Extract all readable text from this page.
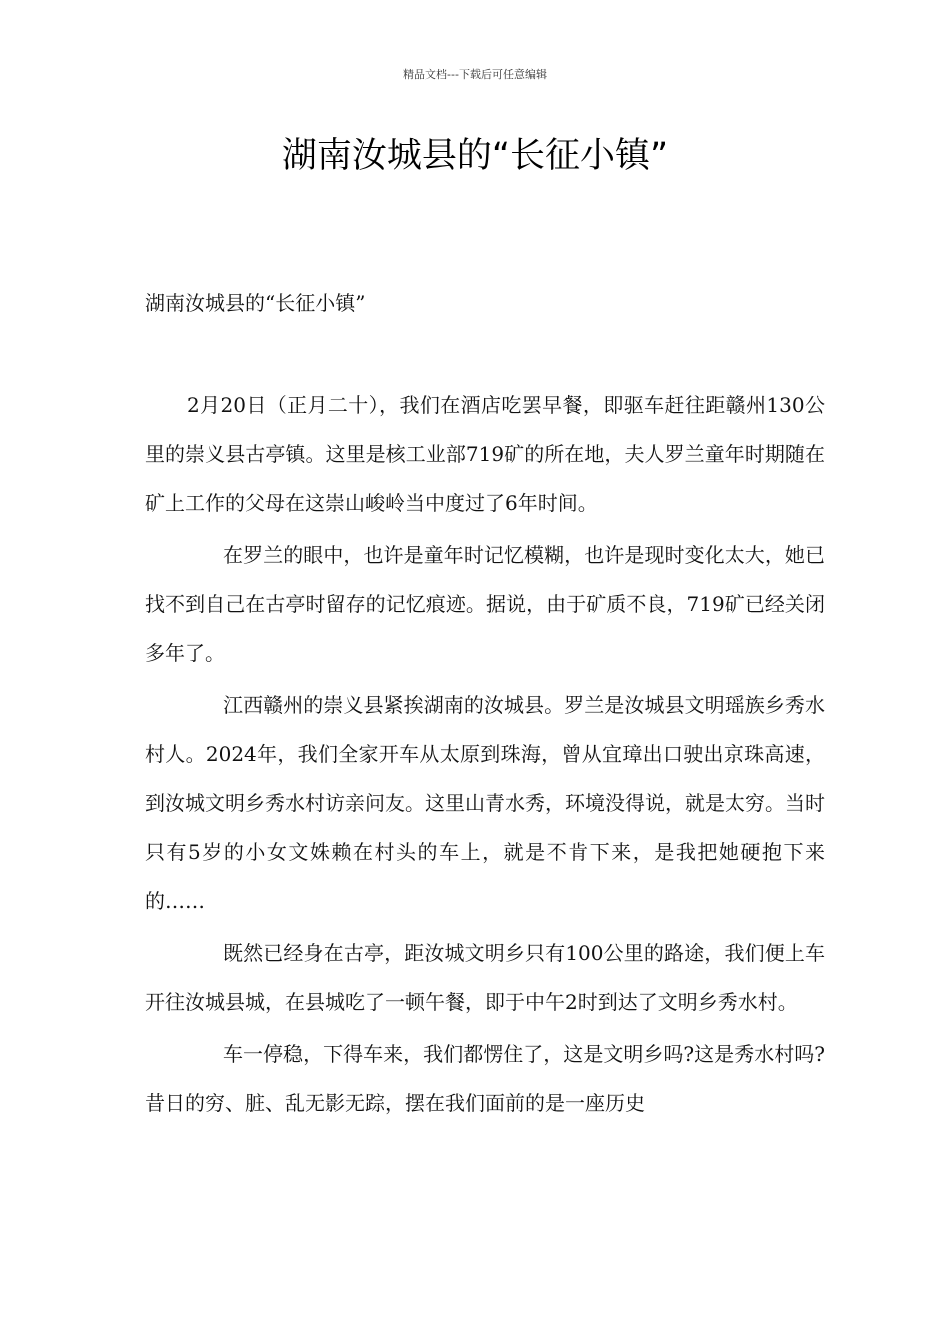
精品文档---下载后可任意编辑
湖南汝城县的“长征小镇”

湖南汝城县的“长征小镇”

2月20日（正月二十），我们在酒店吃罢早餐，即驱车赶往距赣州130公里的崇义县古亭镇。这里是核工业部719矿的所在地，夫人罗兰童年时期随在矿上工作的父母在这崇山峻岭当中度过了6年时间。

在罗兰的眼中，也许是童年时记忆模糊，也许是现时变化太大，她已找不到自己在古亭时留存的记忆痕迹。据说，由于矿质不良，719矿已经关闭多年了。

江西赣州的崇义县紧挨湖南的汝城县。罗兰是汝城县文明瑶族乡秀水村人。2024年，我们全家开车从太原到珠海，曾从宜璋出口驶出京珠高速，到汝城文明乡秀水村访亲问友。这里山青水秀，环境没得说，就是太穷。当时只有5岁的小女文姝赖在村头的车上，就是不肯下来，是我把她硬抱下来的……

既然已经身在古亭，距汝城文明乡只有100公里的路途，我们便上车开往汝城县城，在县城吃了一顿午餐，即于中午2时到达了文明乡秀水村。

车一停稳，下得车来，我们都愣住了，这是文明乡吗?这是秀水村吗?昔日的穷、脏、乱无影无踪，摆在我们面前的是一座历史
